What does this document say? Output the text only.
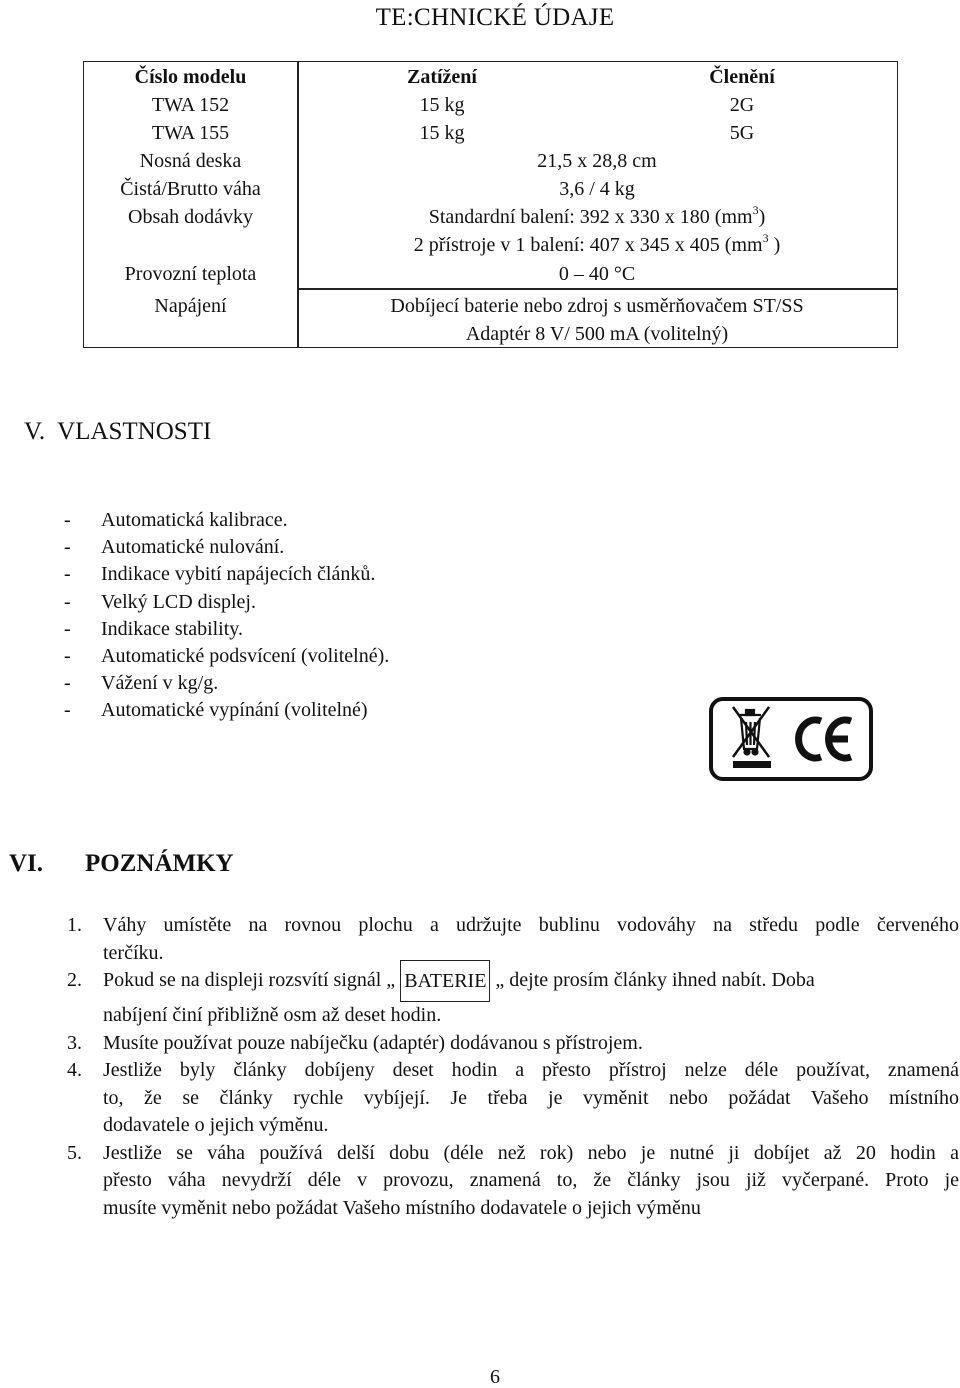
TE:CHNICKÉ ÚDAJE
Číslo modelu	Zatížení	Členění
TWA 152	15 kg	2G
TWA 155	15 kg	5G
Nosná deska	21,5 x 28,8 cm
Čistá/Brutto váha	3,6 / 4 kg
Obsah dodávky	Standardní balení: 392 x 330 x 180 $(mm^3)$
2 přístroje v 1 balení: 407 x 345 x 405 ($mm^3$ )
Provozní teplota	0 – 40 °C
Napájení	Dobíjecí baterie nebo zdroj s usměrňovačem ST/SS
Adaptér 8 V/ 500 mA (volitelný)
V.  VLASTNOSTI
- Automatická kalibrace.
- Automatické nulování.
- Indikace vybití napájecích článků.
- Velký LCD displej.
- Indikace stability.
- Automatické podsvícení (volitelné).
- Vážení v kg/g.
- Automatické vypínání (volitelné)
VI. POZNÁMKY
1. Váhy umístěte na rovnou plochu a udržujte bublinu vodováhy na středu podle červeného
terčíku.
2. Pokud se na displeji rozsvítí signál „ BATERIE „ dejte prosím články ihned nabít. Doba
nabíjení činí přibližně osm až deset hodin.
3. Musíte používat pouze nabíječku (adaptér) dodávanou s přístrojem.
4. Jestliže byly články dobíjeny deset hodin a přesto přístroj nelze déle používat, znamená
to, že se články rychle vybíjejí. Je třeba je vyměnit nebo požádat Vašeho místního
dodavatele o jejich výměnu.
5. Jestliže se váha používá delší dobu (déle než rok) nebo je nutné ji dobíjet až 20 hodin a
přesto váha nevydrží déle v provozu, znamená to, že články jsou již vyčerpané. Proto je
musíte vyměnit nebo požádat Vašeho místního dodavatele o jejich výměnu
6
